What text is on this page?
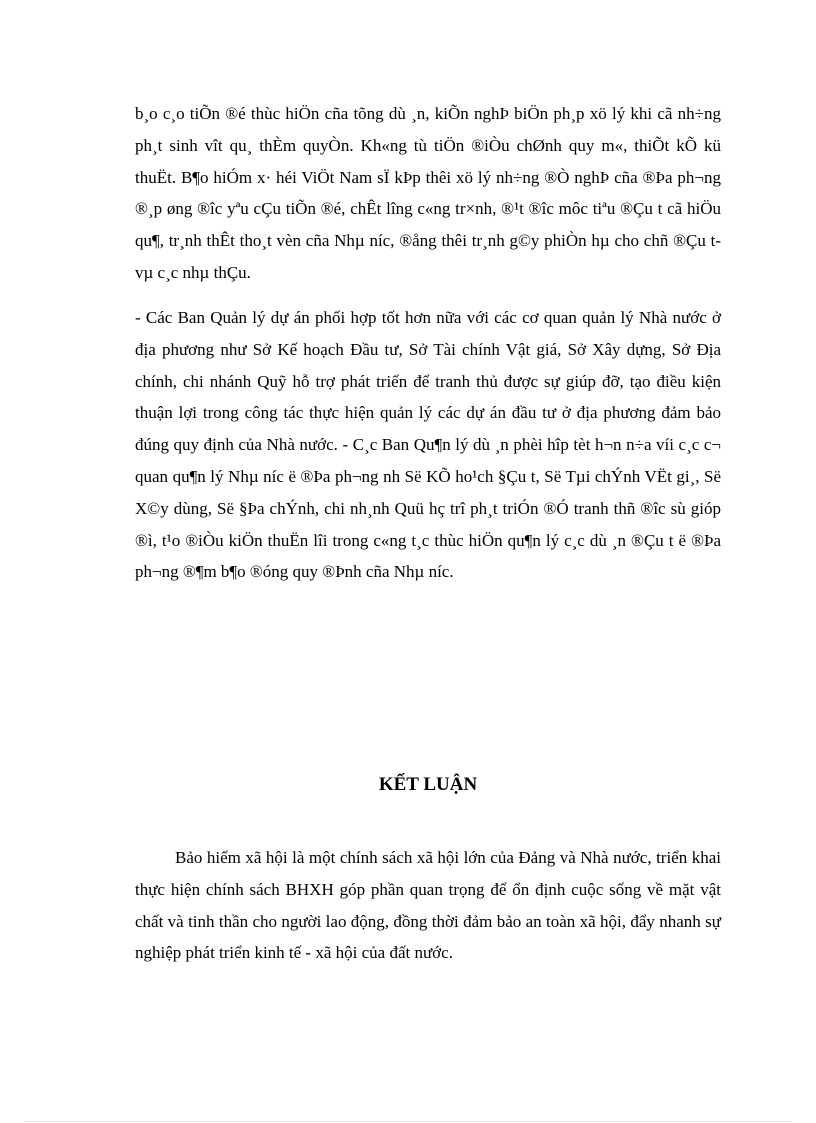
b¸o c¸o tiÕn ®é thùc hiÖn cña tõng dù ¸n, kiÕn nghÞ biÖn ph¸p xö lý khi cã nh÷ng ph¸t sinh vît qu¸ thÈm quyÒn. Kh«ng tù tiÖn ®iÒu chØnh quy m«, thiÕt kÕ kü thuËt. B¶o hiÓm x· héi ViÖt Nam sÏ kÞp thêi xö lý nh÷ng ®Ò nghÞ cña ®Þa ph¬ng ®¸p øng ®îc yªu cÇu tiÕn ®é, chÊt lîng c«ng tr×nh, ®¹t ®îc môc tiªu ®Çu t cã hiÖu qu¶, tr¸nh thÊt tho¸t vèn cña Nhµ níc, ®ång thêi tr¸nh g©y phiÒn hµ cho chñ ®Çu t vµ c¸c nhµ thÇu.

- Các Ban Quản lý dự án phối hợp tốt hơn nữa với các cơ quan quản lý Nhà nước ở địa phương như Sở Kế hoạch Đầu tư, Sở Tài chính Vật giá, Sở Xây dựng, Sở Địa chính, chi nhánh Quỹ hỗ trợ phát triển để tranh thủ được sự giúp đỡ, tạo điều kiện thuận lợi trong công tác thực hiện quản lý các dự án đầu tư ở địa phương đảm bảo đúng quy định của Nhà nước. - C¸c Ban Qu¶n lý dù ¸n phèi hîp tèt h¬n n÷a víi c¸c c¬ quan qu¶n lý Nhµ níc ë ®Þa ph¬ng nh Së KÕ ho¹ch §Çu t, Së Tµi chÝnh VËt gi¸, Së X©y dùng, Së §Þa chÝnh, chi nh¸nh Quü hç trî ph¸t triÓn ®Ó tranh thñ ®îc sù gióp ®ì, t¹o ®iÒu kiÖn thuËn lîi trong c«ng t¸c thùc hiÖn qu¶n lý c¸c dù ¸n ®Çu t ë ®Þa ph¬ng ®¶m b¶o ®óng quy ®Þnh cña Nhµ níc.

KẾT LUẬN

Bảo hiểm xã hội là một chính sách xã hội lớn của Đảng và Nhà nước, triển khai thực hiện chính sách BHXH góp phần quan trọng để ổn định cuộc sống về mặt vật chất và tinh thần cho người lao động, đồng thời đảm bảo an toàn xã hội, đẩy nhanh sự nghiệp phát triển kinh tế - xã hội của đất nước.
